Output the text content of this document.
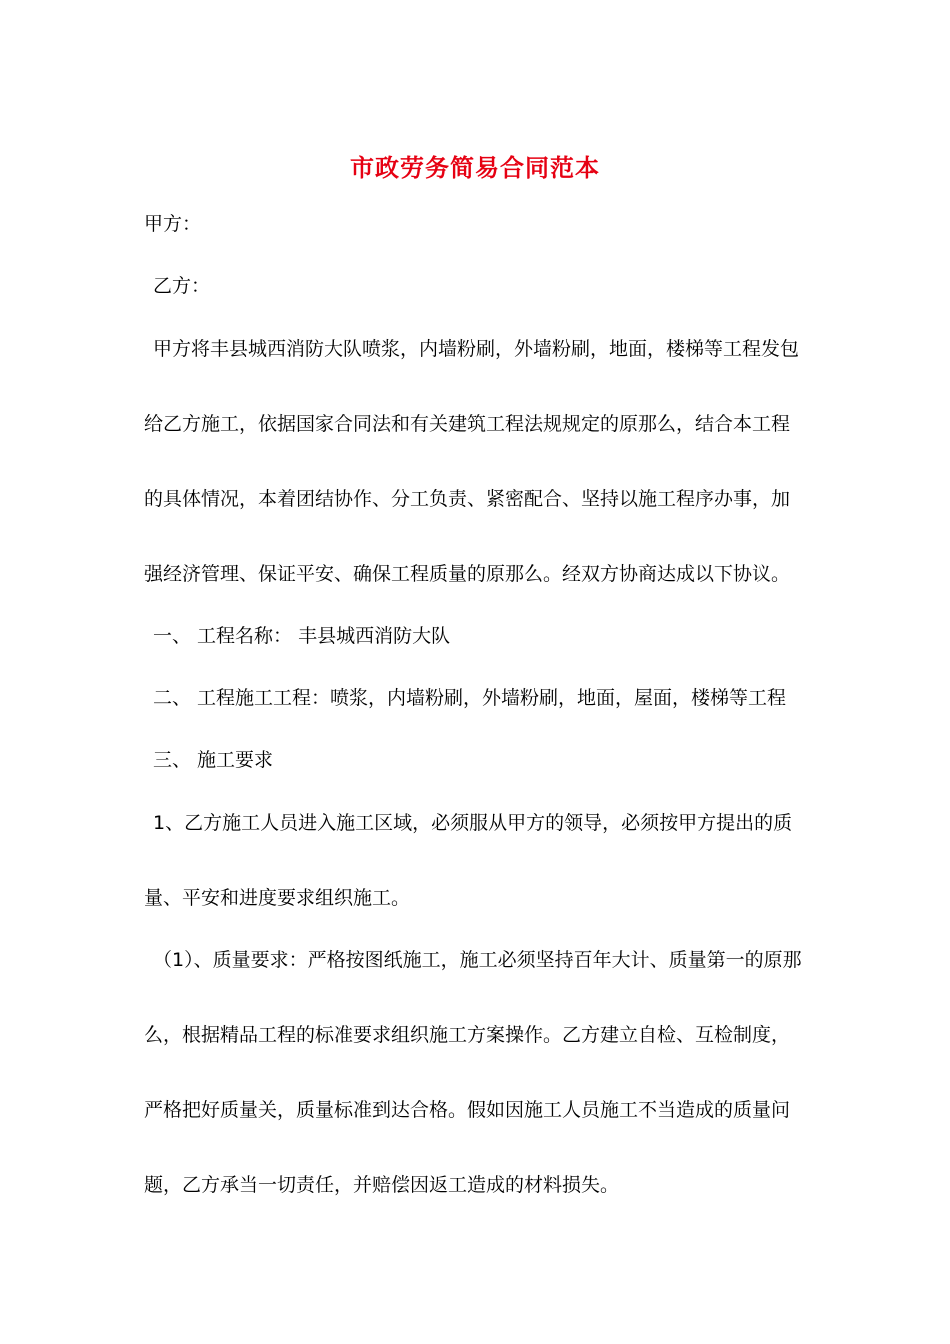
市政劳务简易合同范本
甲方：
乙方：
甲方将丰县城西消防大队喷浆，内墙粉刷，外墙粉刷，地面，楼梯等工程发包
给乙方施工，依据国家合同法和有关建筑工程法规规定的原那么，结合本工程
的具体情况，本着团结协作、分工负责、紧密配合、坚持以施工程序办事，加
强经济管理、保证平安、确保工程质量的原那么。经双方协商达成以下协议。
一、 工程名称： 丰县城西消防大队
二、 工程施工工程：喷浆，内墙粉刷，外墙粉刷，地面，屋面，楼梯等工程
三、 施工要求
1、乙方施工人员进入施工区域，必须服从甲方的领导，必须按甲方提出的质
量、平安和进度要求组织施工。
（1）、质量要求：严格按图纸施工，施工必须坚持百年大计、质量第一的原那
么，根据精品工程的标准要求组织施工方案操作。乙方建立自检、互检制度，
严格把好质量关，质量标准到达合格。假如因施工人员施工不当造成的质量问
题，乙方承当一切责任，并赔偿因返工造成的材料损失。
